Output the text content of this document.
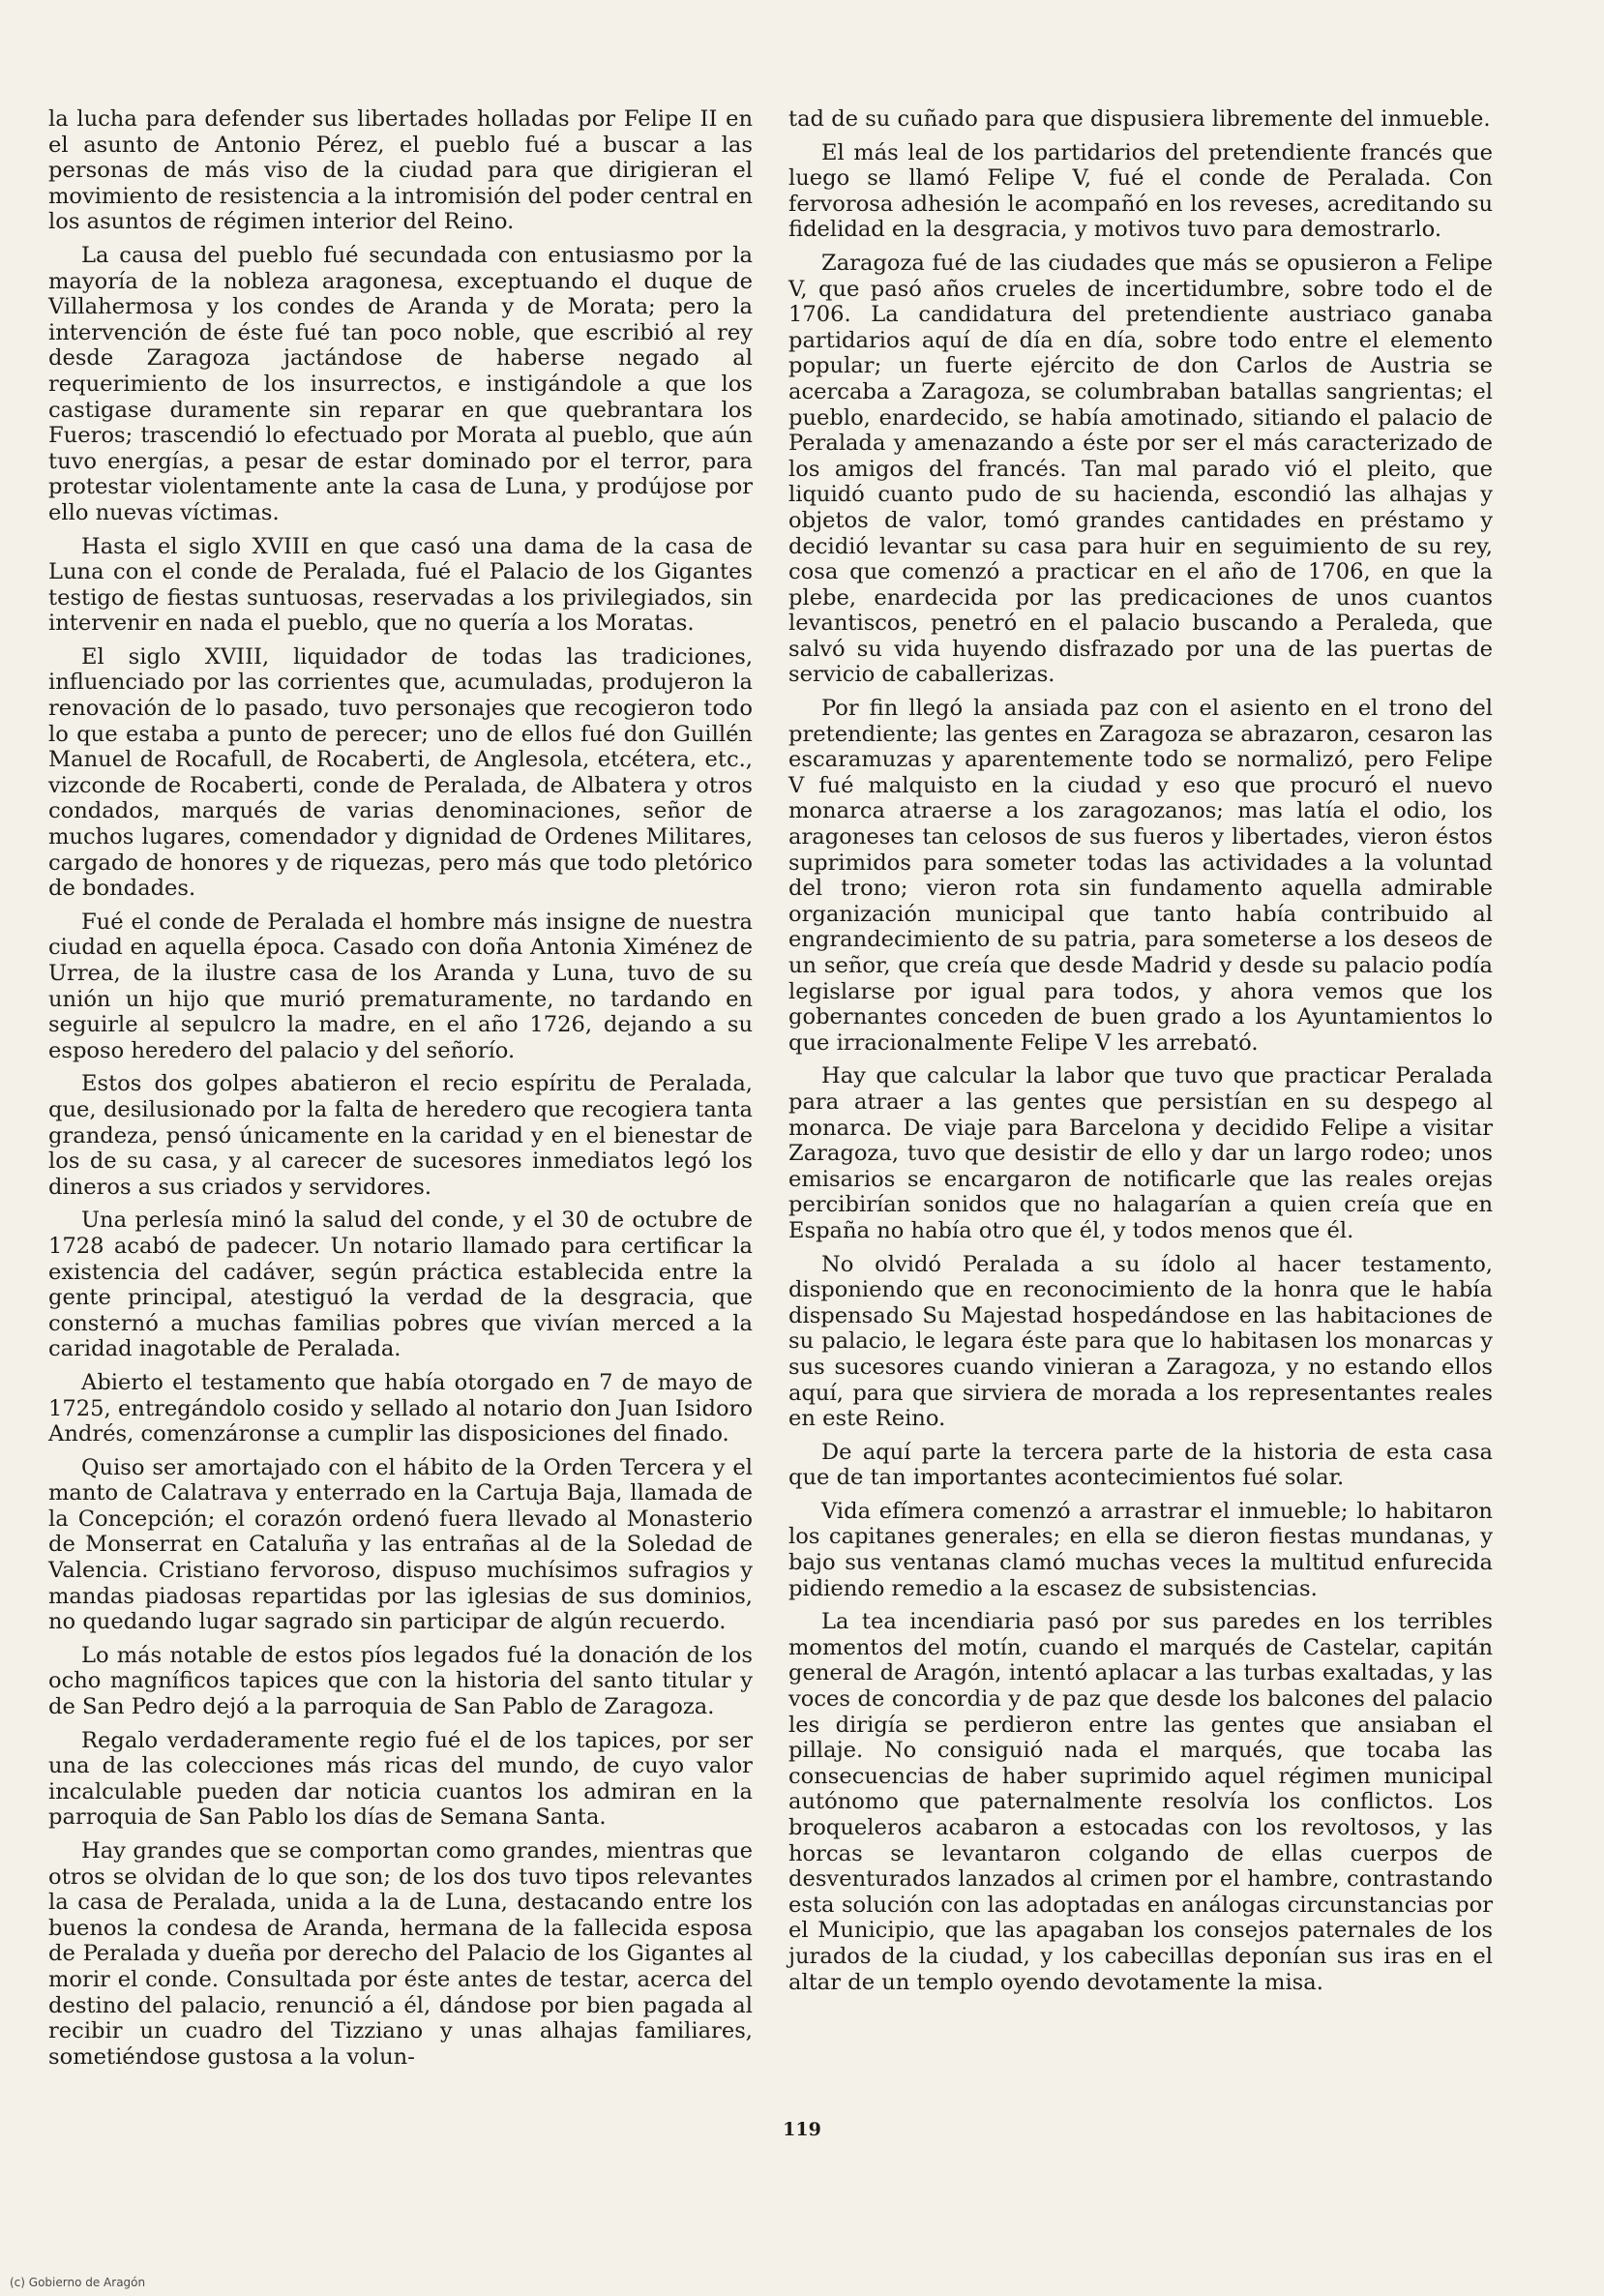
la lucha para defender sus libertades holladas por Felipe II en el asunto de Antonio Pérez, el pueblo fué a buscar a las personas de más viso de la ciudad para que dirigieran el movimiento de resistencia a la intromisión del poder central en los asuntos de régimen interior del Reino.

La causa del pueblo fué secundada con entusiasmo por la mayoría de la nobleza aragonesa, exceptuando el duque de Villahermosa y los condes de Aranda y de Morata; pero la intervención de éste fué tan poco noble, que escribió al rey desde Zaragoza jactándose de haberse negado al requerimiento de los insurrectos, e instigándole a que los castigase duramente sin reparar en que quebrantara los Fueros; trascendió lo efectuado por Morata al pueblo, que aún tuvo energías, a pesar de estar dominado por el terror, para protestar violentamente ante la casa de Luna, y prodújose por ello nuevas víctimas.

Hasta el siglo XVIII en que casó una dama de la casa de Luna con el conde de Peralada, fué el Palacio de los Gigantes testigo de fiestas suntuosas, reservadas a los privilegiados, sin intervenir en nada el pueblo, que no quería a los Moratas.

El siglo XVIII, liquidador de todas las tradiciones, influenciado por las corrientes que, acumuladas, produjeron la renovación de lo pasado, tuvo personajes que recogieron todo lo que estaba a punto de perecer; uno de ellos fué don Guillén Manuel de Rocafull, de Rocaberti, de Anglesola, etcétera, etc., vizconde de Rocaberti, conde de Peralada, de Albatera y otros condados, marqués de varias denominaciones, señor de muchos lugares, comendador y dignidad de Ordenes Militares, cargado de honores y de riquezas, pero más que todo pletórico de bondades.

Fué el conde de Peralada el hombre más insigne de nuestra ciudad en aquella época. Casado con doña Antonia Ximénez de Urrea, de la ilustre casa de los Aranda y Luna, tuvo de su unión un hijo que murió prematuramente, no tardando en seguirle al sepulcro la madre, en el año 1726, dejando a su esposo heredero del palacio y del señorío.

Estos dos golpes abatieron el recio espíritu de Peralada, que, desilusionado por la falta de heredero que recogiera tanta grandeza, pensó únicamente en la caridad y en el bienestar de los de su casa, y al carecer de sucesores inmediatos legó los dineros a sus criados y servidores.

Una perlesía minó la salud del conde, y el 30 de octubre de 1728 acabó de padecer. Un notario llamado para certificar la existencia del cadáver, según práctica establecida entre la gente principal, atestiguó la verdad de la desgracia, que consternó a muchas familias pobres que vivían merced a la caridad inagotable de Peralada.

Abierto el testamento que había otorgado en 7 de mayo de 1725, entregándolo cosido y sellado al notario don Juan Isidoro Andrés, comenzáronse a cumplir las disposiciones del finado.

Quiso ser amortajado con el hábito de la Orden Tercera y el manto de Calatrava y enterrado en la Cartuja Baja, llamada de la Concepción; el corazón ordenó fuera llevado al Monasterio de Monserrat en Cataluña y las entrañas al de la Soledad de Valencia. Cristiano fervoroso, dispuso muchísimos sufragios y mandas piadosas repartidas por las iglesias de sus dominios, no quedando lugar sagrado sin participar de algún recuerdo.

Lo más notable de estos píos legados fué la donación de los ocho magníficos tapices que con la historia del santo titular y de San Pedro dejó a la parroquia de San Pablo de Zaragoza.

Regalo verdaderamente regio fué el de los tapices, por ser una de las colecciones más ricas del mundo, de cuyo valor incalculable pueden dar noticia cuantos los admiran en la parroquia de San Pablo los días de Semana Santa.

Hay grandes que se comportan como grandes, mientras que otros se olvidan de lo que son; de los dos tuvo tipos relevantes la casa de Peralada, unida a la de Luna, destacando entre los buenos la condesa de Aranda, hermana de la fallecida esposa de Peralada y dueña por derecho del Palacio de los Gigantes al morir el conde. Consultada por éste antes de testar, acerca del destino del palacio, renunció a él, dándose por bien pagada al recibir un cuadro del Tizziano y unas alhajas familiares, sometiéndose gustosa a la volun-

tad de su cuñado para que dispusiera libremente del inmueble.

El más leal de los partidarios del pretendiente francés que luego se llamó Felipe V, fué el conde de Peralada. Con fervorosa adhesión le acompañó en los reveses, acreditando su fidelidad en la desgracia, y motivos tuvo para demostrarlo.

Zaragoza fué de las ciudades que más se opusieron a Felipe V, que pasó años crueles de incertidumbre, sobre todo el de 1706. La candidatura del pretendiente austriaco ganaba partidarios aquí de día en día, sobre todo entre el elemento popular; un fuerte ejército de don Carlos de Austria se acercaba a Zaragoza, se columbraban batallas sangrientas; el pueblo, enardecido, se había amotinado, sitiando el palacio de Peralada y amenazando a éste por ser el más caracterizado de los amigos del francés. Tan mal parado vió el pleito, que liquidó cuanto pudo de su hacienda, escondió las alhajas y objetos de valor, tomó grandes cantidades en préstamo y decidió levantar su casa para huir en seguimiento de su rey, cosa que comenzó a practicar en el año de 1706, en que la plebe, enardecida por las predicaciones de unos cuantos levantiscos, penetró en el palacio buscando a Peraleda, que salvó su vida huyendo disfrazado por una de las puertas de servicio de caballerizas.

Por fin llegó la ansiada paz con el asiento en el trono del pretendiente; las gentes en Zaragoza se abrazaron, cesaron las escaramuzas y aparentemente todo se normalizó, pero Felipe V fué malquisto en la ciudad y eso que procuró el nuevo monarca atraerse a los zaragozanos; mas latía el odio, los aragoneses tan celosos de sus fueros y libertades, vieron éstos suprimidos para someter todas las actividades a la voluntad del trono; vieron rota sin fundamento aquella admirable organización municipal que tanto había contribuido al engrandecimiento de su patria, para someterse a los deseos de un señor, que creía que desde Madrid y desde su palacio podía legislarse por igual para todos, y ahora vemos que los gobernantes conceden de buen grado a los Ayuntamientos lo que irracionalmente Felipe V les arrebató.

Hay que calcular la labor que tuvo que practicar Peralada para atraer a las gentes que persistían en su despego al monarca. De viaje para Barcelona y decidido Felipe a visitar Zaragoza, tuvo que desistir de ello y dar un largo rodeo; unos emisarios se encargaron de notificarle que las reales orejas percibirían sonidos que no halagarían a quien creía que en España no había otro que él, y todos menos que él.

No olvidó Peralada a su ídolo al hacer testamento, disponiendo que en reconocimiento de la honra que le había dispensado Su Majestad hospedándose en las habitaciones de su palacio, le legara éste para que lo habitasen los monarcas y sus sucesores cuando vinieran a Zaragoza, y no estando ellos aquí, para que sirviera de morada a los representantes reales en este Reino.

De aquí parte la tercera parte de la historia de esta casa que de tan importantes acontecimientos fué solar.

Vida efímera comenzó a arrastrar el inmueble; lo habitaron los capitanes generales; en ella se dieron fiestas mundanas, y bajo sus ventanas clamó muchas veces la multitud enfurecida pidiendo remedio a la escasez de subsistencias.

La tea incendiaria pasó por sus paredes en los terribles momentos del motín, cuando el marqués de Castelar, capitán general de Aragón, intentó aplacar a las turbas exaltadas, y las voces de concordia y de paz que desde los balcones del palacio les dirigía se perdieron entre las gentes que ansiaban el pillaje. No consiguió nada el marqués, que tocaba las consecuencias de haber suprimido aquel régimen municipal autónomo que paternalmente resolvía los conflictos. Los broqueleros acabaron a estocadas con los revoltosos, y las horcas se levantaron colgando de ellas cuerpos de desventurados lanzados al crimen por el hambre, contrastando esta solución con las adoptadas en análogas circunstancias por el Municipio, que las apagaban los consejos paternales de los jurados de la ciudad, y los cabecillas deponían sus iras en el altar de un templo oyendo devotamente la misa.

119
(c) Gobierno de Aragón
